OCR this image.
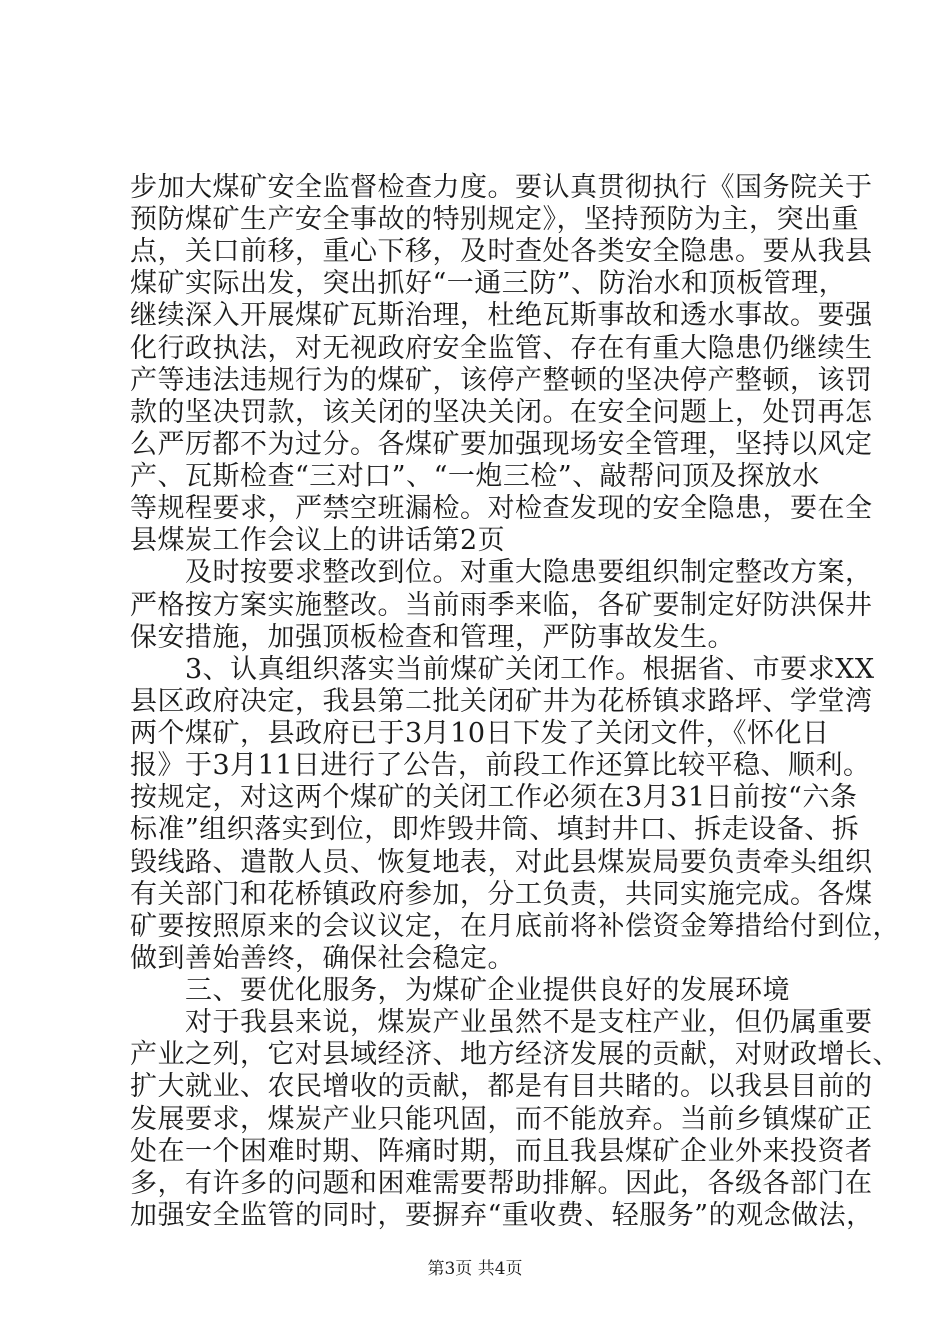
步加大煤矿安全监督检查力度。要认真贯彻执行《国务院关于
预防煤矿生产安全事故的特别规定》，坚持预防为主，突出重
点，关口前移，重心下移，及时查处各类安全隐患。要从我县
煤矿实际出发，突出抓好“一通三防”、防治水和顶板管理，
继续深入开展煤矿瓦斯治理，杜绝瓦斯事故和透水事故。要强
化行政执法，对无视政府安全监管、存在有重大隐患仍继续生
产等违法违规行为的煤矿，该停产整顿的坚决停产整顿，该罚
款的坚决罚款，该关闭的坚决关闭。在安全问题上，处罚再怎
么严厉都不为过分。各煤矿要加强现场安全管理，坚持以风定
产、瓦斯检查“三对口”、“一炮三检”、敲帮问顶及探放水
等规程要求，严禁空班漏检。对检查发现的安全隐患，要在全
县煤炭工作会议上的讲话第2页
　　及时按要求整改到位。对重大隐患要组织制定整改方案，
严格按方案实施整改。当前雨季来临，各矿要制定好防洪保井
保安措施，加强顶板检查和管理，严防事故发生。
　　3、认真组织落实当前煤矿关闭工作。根据省、市要求XX
县区政府决定，我县第二批关闭矿井为花桥镇求路坪、学堂湾
两个煤矿，县政府已于3月10日下发了关闭文件，《怀化日
报》于3月11日进行了公告，前段工作还算比较平稳、顺利。
按规定，对这两个煤矿的关闭工作必须在3月31日前按“六条
标准”组织落实到位，即炸毁井筒、填封井口、拆走设备、拆
毁线路、遣散人员、恢复地表，对此县煤炭局要负责牵头组织
有关部门和花桥镇政府参加，分工负责，共同实施完成。各煤
矿要按照原来的会议议定，在月底前将补偿资金筹措给付到位，
做到善始善终，确保社会稳定。
　　三、要优化服务，为煤矿企业提供良好的发展环境
　　对于我县来说，煤炭产业虽然不是支柱产业，但仍属重要
产业之列，它对县域经济、地方经济发展的贡献，对财政增长、
扩大就业、农民增收的贡献，都是有目共睹的。以我县目前的
发展要求，煤炭产业只能巩固，而不能放弃。当前乡镇煤矿正
第3页 共4页
处在一个困难时期、阵痛时期，而且我县煤矿企业外来投资者
多，有许多的问题和困难需要帮助排解。因此，各级各部门在
加强安全监管的同时，要摒弃“重收费、轻服务”的观念做法，
